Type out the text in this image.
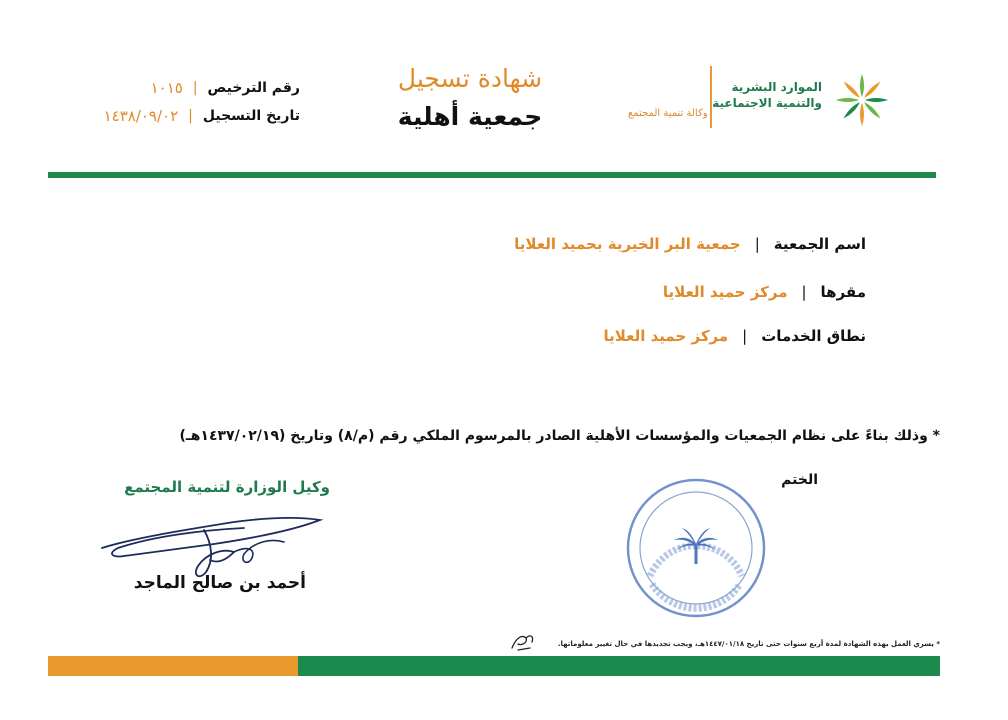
الموارد البشرية
والتنمية الاجتماعية
وكالة تنمية المجتمع
شهادة تسجيل
جمعية أهلية
رقم الترخيص
|
١٠١٥
تاريخ التسجيل
|
١٤٣٨/٠٩/٠٢
اسم الجمعية
|
جمعية البر الخيرية بحميد العلايا
مقرها
|
مركز حميد العلايا
نطاق الخدمات
|
مركز حميد العلايا
* وذلك بناءً على نظام الجمعيات والمؤسسات الأهلية الصادر بالمرسوم الملكي رقم (م/٨) وتاريخ (١٤٣٧/٠٢/١٩هـ)
الختم
وكيل الوزارة لتنمية المجتمع
أحمد بن صالح الماجد
* يسري العمل بهذه الشهادة لمدة أربع سنوات حتى تاريخ ١٤٤٧/٠١/١٨هـ، ويجب تجديدها في حال تغيير معلوماتها.
